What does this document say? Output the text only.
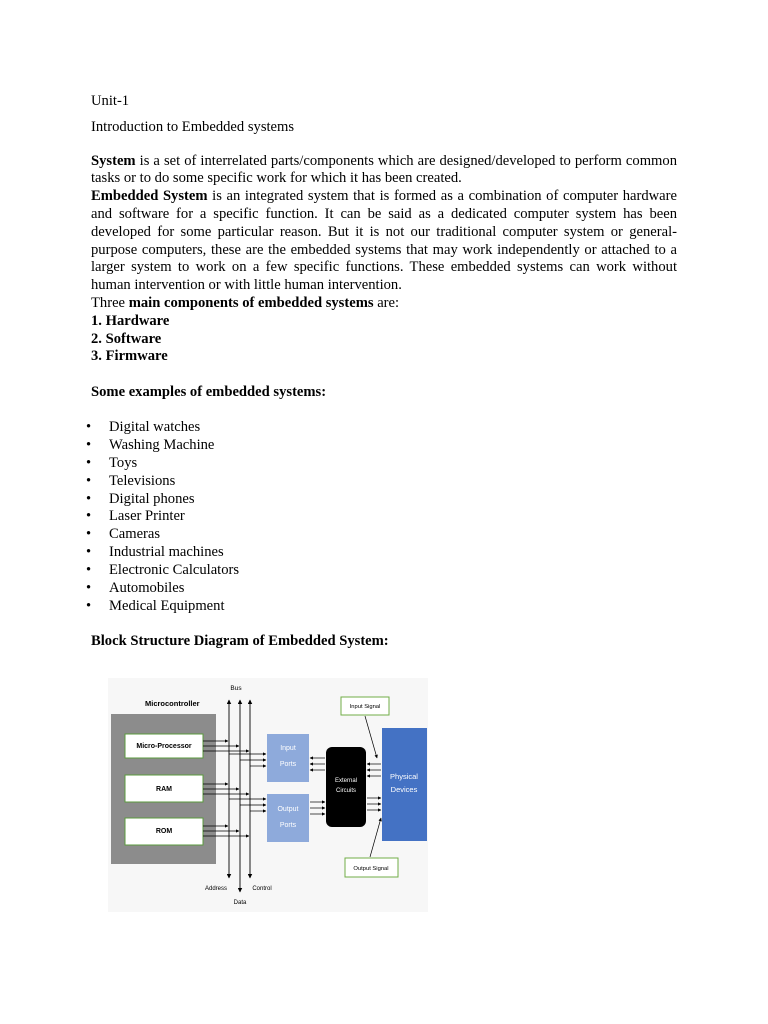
Unit-1

Introduction to Embedded systems

System is a set of interrelated parts/components which are designed/developed to perform common tasks or to do some specific work for which it has been created.

Embedded System is an integrated system that is formed as a combination of computer hardware and software for a specific function. It can be said as a dedicated computer system has been developed for some particular reason. But it is not our traditional computer system or general-purpose computers, these are the embedded systems that may work independently or attached to a larger system to work on a few specific functions. These embedded systems can work without human intervention or with little human intervention.

Three main components of embedded systems are:

1. Hardware

2. Software

3. Firmware

Some examples of embedded systems:

• Digital watches
• Washing Machine
• Toys
• Televisions
• Digital phones
• Laser Printer
• Cameras
• Industrial machines
• Electronic Calculators
• Automobiles
• Medical Equipment

Block Structure Diagram of Embedded System:

Microcontroller
Micro-Processor
RAM
ROM
Bus
Address
Data
Control
Input
Ports
Output
Ports
External
Circuits
Physical
Devices
Input Signal
Output Signal
